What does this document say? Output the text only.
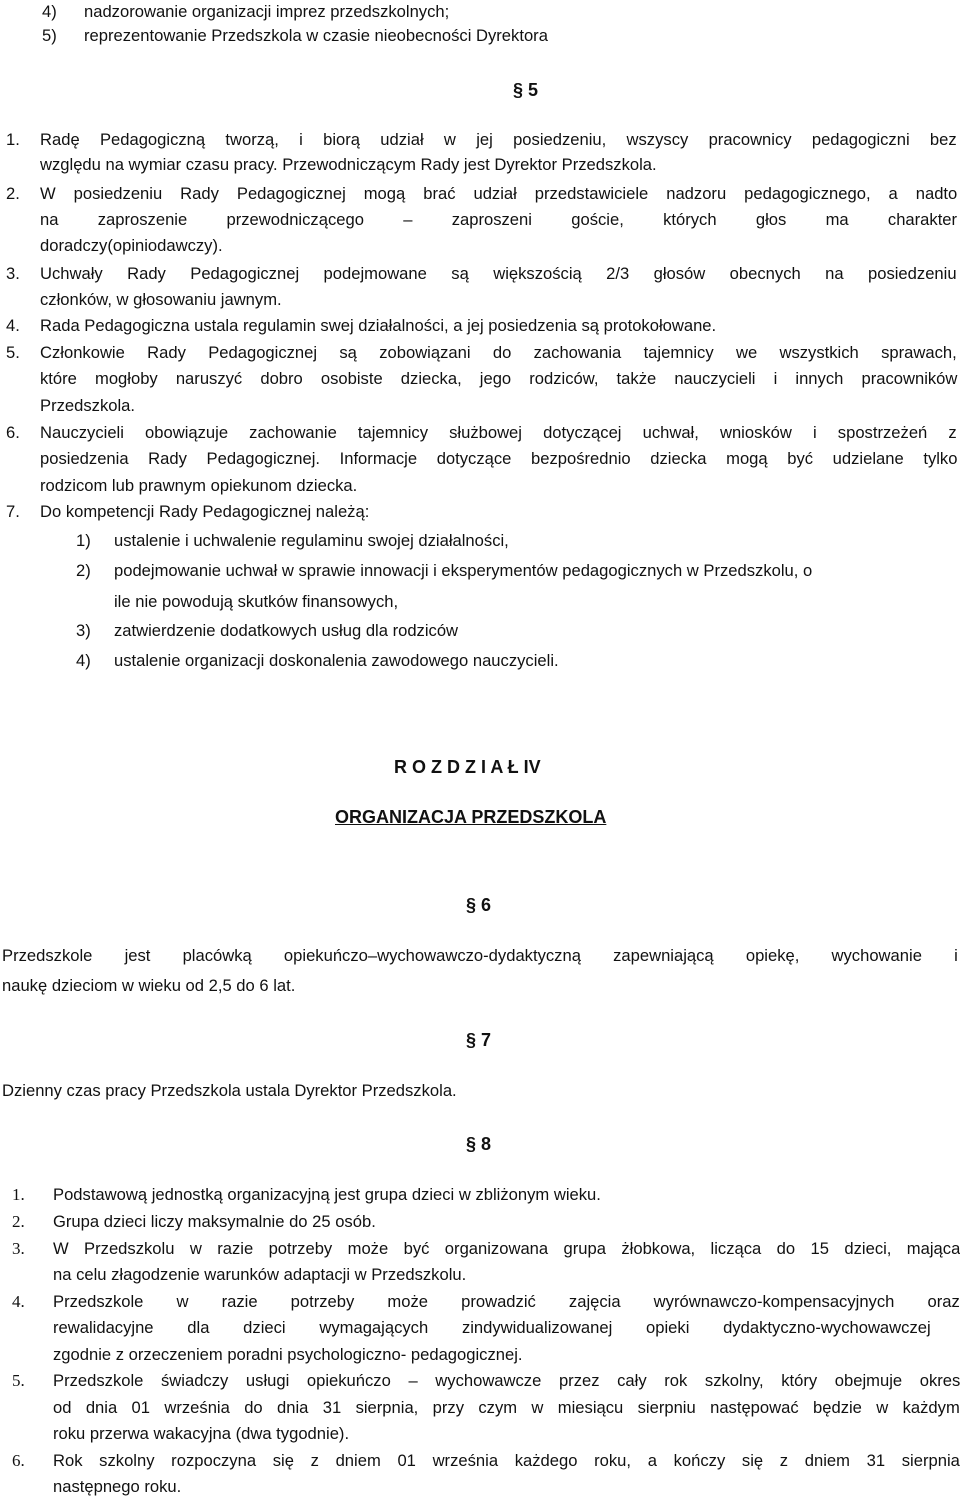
4) nadzorowanie organizacji imprez przedszkolnych;
5) reprezentowanie Przedszkola w czasie nieobecności Dyrektora
§ 5
1. Radę Pedagogiczną tworzą, i biorą udział w jej posiedzeniu, wszyscy pracownicy pedagogiczni bez
względu na wymiar czasu pracy. Przewodniczącym Rady jest Dyrektor Przedszkola.
2. W posiedzeniu Rady Pedagogicznej mogą brać udział przedstawiciele nadzoru pedagogicznego, a nadto
na zaproszenie przewodniczącego – zaproszeni goście, których głos ma charakter
doradczy(opiniodawczy).
3. Uchwały Rady Pedagogicznej podejmowane są większością 2/3 głosów obecnych na posiedzeniu
członków, w głosowaniu jawnym.
4. Rada Pedagogiczna ustala regulamin swej działalności, a jej posiedzenia są protokołowane.
5. Członkowie Rady Pedagogicznej są zobowiązani do zachowania tajemnicy we wszystkich sprawach,
które mogłoby naruszyć dobro osobiste dziecka, jego rodziców, także nauczycieli i innych pracowników
Przedszkola.
6. Nauczycieli obowiązuje zachowanie tajemnicy służbowej dotyczącej uchwał, wniosków i spostrzeżeń z
posiedzenia Rady Pedagogicznej. Informacje dotyczące bezpośrednio dziecka mogą być udzielane tylko
rodzicom lub prawnym opiekunom dziecka.
7. Do kompetencji Rady Pedagogicznej należą:
1) ustalenie i uchwalenie regulaminu swojej działalności,
2) podejmowanie uchwał w sprawie innowacji i eksperymentów pedagogicznych w Przedszkolu, o
ile nie powodują skutków finansowych,
3) zatwierdzenie dodatkowych usług dla rodziców
4) ustalenie organizacji doskonalenia zawodowego nauczycieli.
R O Z D Z I A Ł IV
ORGANIZACJA PRZEDSZKOLA
§ 6
Przedszkole jest placówką opiekuńczo–wychowawczo-dydaktyczną zapewniającą opiekę, wychowanie i
naukę dzieciom w wieku od 2,5 do 6 lat.
§ 7
Dzienny czas pracy Przedszkola ustala Dyrektor Przedszkola.
§ 8
1. Podstawową jednostką organizacyjną jest grupa dzieci w zbliżonym wieku.
2. Grupa dzieci liczy maksymalnie do 25 osób.
3. W Przedszkolu w razie potrzeby może być organizowana grupa żłobkowa, licząca do 15 dzieci, mająca
na celu złagodzenie warunków adaptacji w Przedszkolu.
4. Przedszkole w razie potrzeby może prowadzić zajęcia wyrównawczo-kompensacyjnych oraz
rewalidacyjne dla dzieci wymagających zindywidualizowanej opieki dydaktyczno-wychowawczej
zgodnie z orzeczeniem poradni psychologiczno- pedagogicznej.
5. Przedszkole świadczy usługi opiekuńczo – wychowawcze przez cały rok szkolny, który obejmuje okres
od dnia 01 września do dnia 31 sierpnia, przy czym w miesiącu sierpniu następować będzie w każdym
roku przerwa wakacyjna (dwa tygodnie).
6. Rok szkolny rozpoczyna się z dniem 01 września każdego roku, a kończy się z dniem 31 sierpnia
następnego roku.
